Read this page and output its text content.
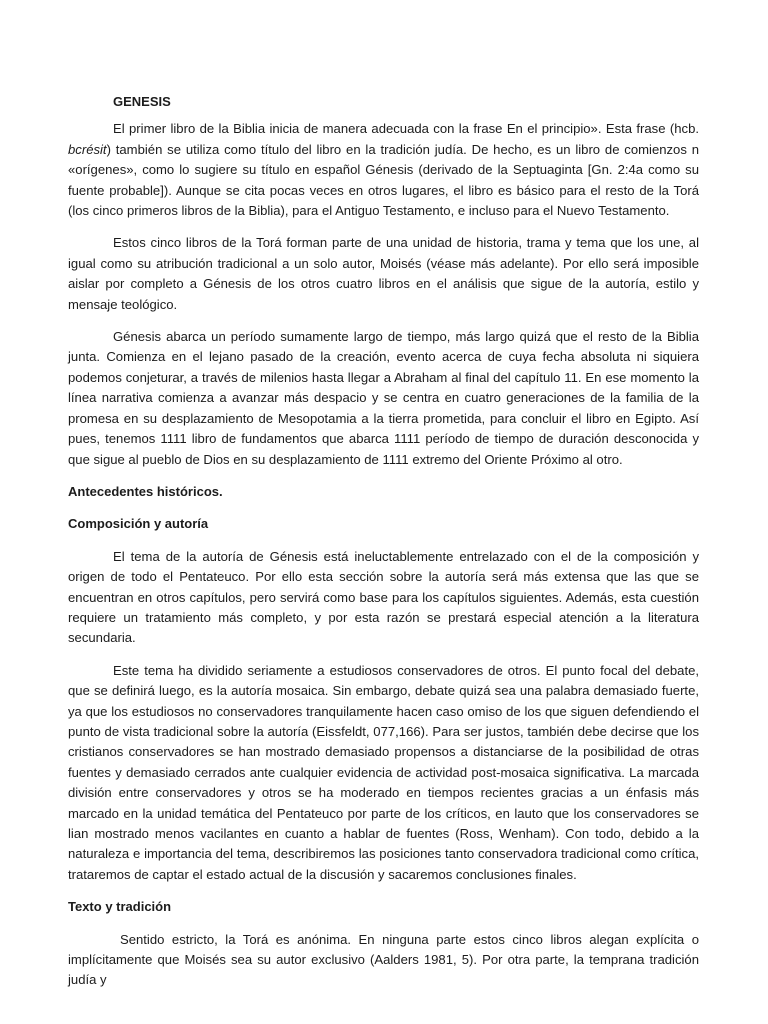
GENESIS

El primer libro de la Biblia inicia de manera adecuada con la frase En el principio». Esta frase (hcb. bcrésit) también se utiliza como título del libro en la tradición judía. De hecho, es un libro de comienzos n «orígenes», como lo sugiere su título en español Génesis (derivado de la Septuaginta [Gn. 2:4a como su fuente probable]). Aunque se cita pocas veces en otros lugares, el libro es básico para el resto de la Torá (los cinco primeros libros de la Biblia), para el Antiguo Testamento, e incluso para el Nuevo Testamento.

Estos cinco libros de la Torá forman parte de una unidad de historia, trama y tema que los une, al igual como su atribución tradicional a un solo autor, Moisés (véase más adelante). Por ello será imposible aislar por completo a Génesis de los otros cuatro libros en el análisis que sigue de la autoría, estilo y mensaje teológico.

Génesis abarca un período sumamente largo de tiempo, más largo quizá que el resto de la Biblia junta. Comienza en el lejano pasado de la creación, evento acerca de cuya fecha absoluta ni siquiera podemos conjeturar, a través de milenios hasta llegar a Abraham al final del capítulo 11. En ese momento la línea narrativa comienza a avanzar más despacio y se centra en cuatro generaciones de la familia de la promesa en su desplazamiento de Mesopotamia a la tierra prometida, para concluir el libro en Egipto. Así pues, tenemos 1111 libro de fundamentos que abarca 1111 período de tiempo de duración desconocida y que sigue al pueblo de Dios en su desplazamiento de 1111 extremo del Oriente Próximo al otro.

Antecedentes históricos.
Composición y autoría

El tema de la autoría de Génesis está ineluctablemente entrelazado con el de la composición y origen de todo el Pentateuco. Por ello esta sección sobre la autoría será más extensa que las que se encuentran en otros capítulos, pero servirá como base para los capítulos siguientes. Además, esta cuestión requiere un tratamiento más completo, y por esta razón se prestará especial atención a la literatura secundaria.

Este tema ha dividido seriamente a estudiosos conservadores de otros. El punto focal del debate, que se definirá luego, es la autoría mosaica. Sin embargo, debate quizá sea una palabra demasiado fuerte, ya que los estudiosos no conservadores tranquilamente hacen caso omiso de los que siguen defendiendo el punto de vista tradicional sobre la autoría (Eissfeldt, 077,166). Para ser justos, también debe decirse que los cristianos conservadores se han mostrado demasiado propensos a distanciarse de la posibilidad de otras fuentes y demasiado cerrados ante cualquier evidencia de actividad post-mosaica significativa. La marcada división entre conservadores y otros se ha moderado en tiempos recientes gracias a un énfasis más marcado en la unidad temática del Pentateuco por parte de los críticos, en lauto que los conservadores se lian mostrado menos vacilantes en cuanto a hablar de fuentes (Ross, Wenham). Con todo, debido a la naturaleza e importancia del tema, describiremos las posiciones tanto conservadora tradicional como crítica, trataremos de captar el estado actual de la discusión y sacaremos conclusiones finales.

Texto y tradición

Sentido estricto, la Torá es anónima. En ninguna parte estos cinco libros alegan explícita o implícitamente que Moisés sea su autor exclusivo (Aalders 1981, 5). Por otra parte, la temprana tradición judía y
